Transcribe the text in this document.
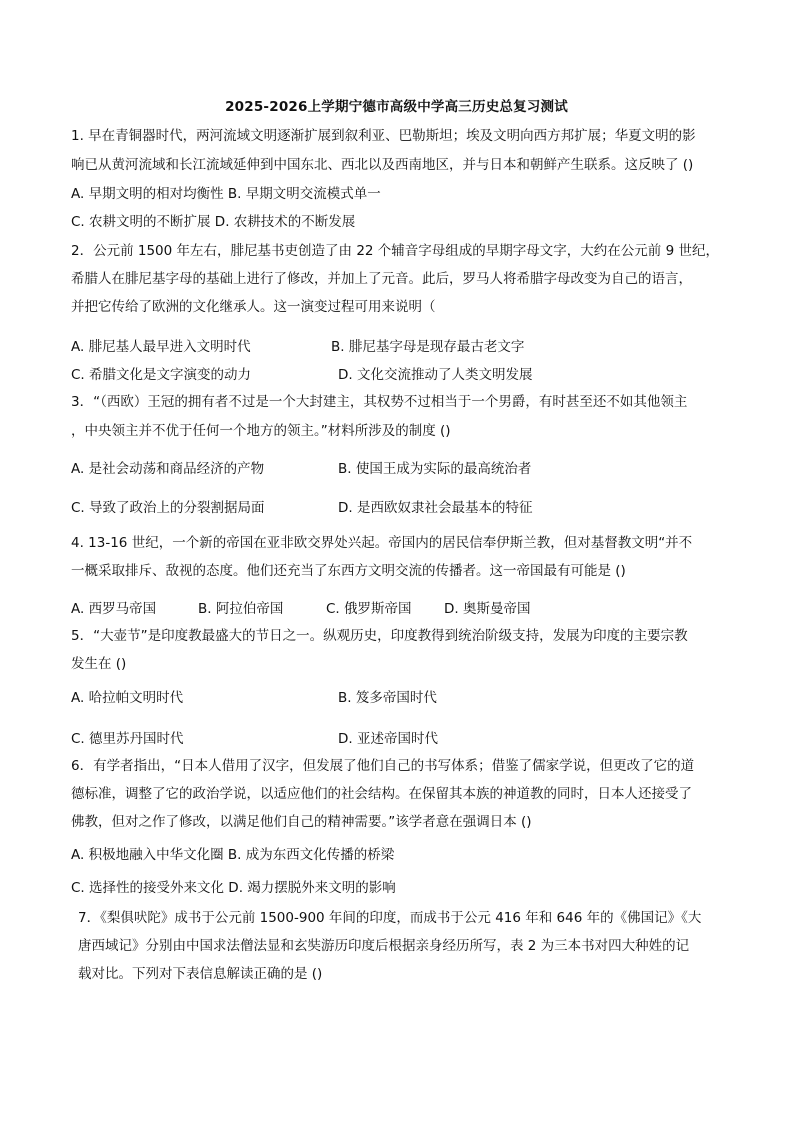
2025-2026上学期宁德市高级中学高三历史总复习测试
1. 早在青铜器时代，两河流域文明逐渐扩展到叙利亚、巴勒斯坦；埃及文明向西方邦扩展；华夏文明的影
响已从黄河流域和长江流域延伸到中国东北、西北以及西南地区，并与日本和朝鲜产生联系。这反映了 ()
A. 早期文明的相对均衡性 B. 早期文明交流模式单一
C. 农耕文明的不断扩展 D. 农耕技术的不断发展
2．公元前 1500 年左右，腓尼基书吏创造了由 22 个辅音字母组成的早期字母文字，大约在公元前 9 世纪，
希腊人在腓尼基字母的基础上进行了修改，并加上了元音。此后，罗马人将希腊字母改变为自己的语言，
并把它传给了欧洲的文化继承人。这一演变过程可用来说明（
A. 腓尼基人最早进入文明时代	B. 腓尼基字母是现存最古老文字
C. 希腊文化是文字演变的动力	D. 文化交流推动了人类文明发展
3．“（西欧）王冠的拥有者不过是一个大封建主，其权势不过相当于一个男爵，有时甚至还不如其他领主
，中央领主并不优于任何一个地方的领主。”材料所涉及的制度 ()
A. 是社会动荡和商品经济的产物	B. 使国王成为实际的最高统治者
C. 导致了政治上的分裂割据局面	D. 是西欧奴隶社会最基本的特征
4. 13-16 世纪，一个新的帝国在亚非欧交界处兴起。帝国内的居民信奉伊斯兰教，但对基督教文明“并不
一概采取排斥、敌视的态度。他们还充当了东西方文明交流的传播者。这一帝国最有可能是 ()
A. 西罗马帝国	B. 阿拉伯帝国	C. 俄罗斯帝国 D. 奥斯曼帝国
5．“大壶节”是印度教最盛大的节日之一。纵观历史，印度教得到统治阶级支持，发展为印度的主要宗教
发生在 ()
A. 哈拉帕文明时代	B. 笈多帝国时代
C. 德里苏丹国时代	D. 亚述帝国时代
6．有学者指出，“日本人借用了汉字，但发展了他们自己的书写体系；借鉴了儒家学说，但更改了它的道
德标准，调整了它的政治学说，以适应他们的社会结构。在保留其本族的神道教的同时，日本人还接受了
佛教，但对之作了修改，以满足他们自己的精神需要。”该学者意在强调日本 ()
A. 积极地融入中华文化圈 B. 成为东西文化传播的桥梁
C. 选择性的接受外来文化 D. 竭力摆脱外来文明的影响
7．《梨俱吠陀》成书于公元前 1500-900 年间的印度，而成书于公元 416 年和 646 年的《佛国记》《大
唐西域记》分别由中国求法僧法显和玄奘游历印度后根据亲身经历所写，表 2 为三本书对四大种姓的记
载对比。下列对下表信息解读正确的是 ()
